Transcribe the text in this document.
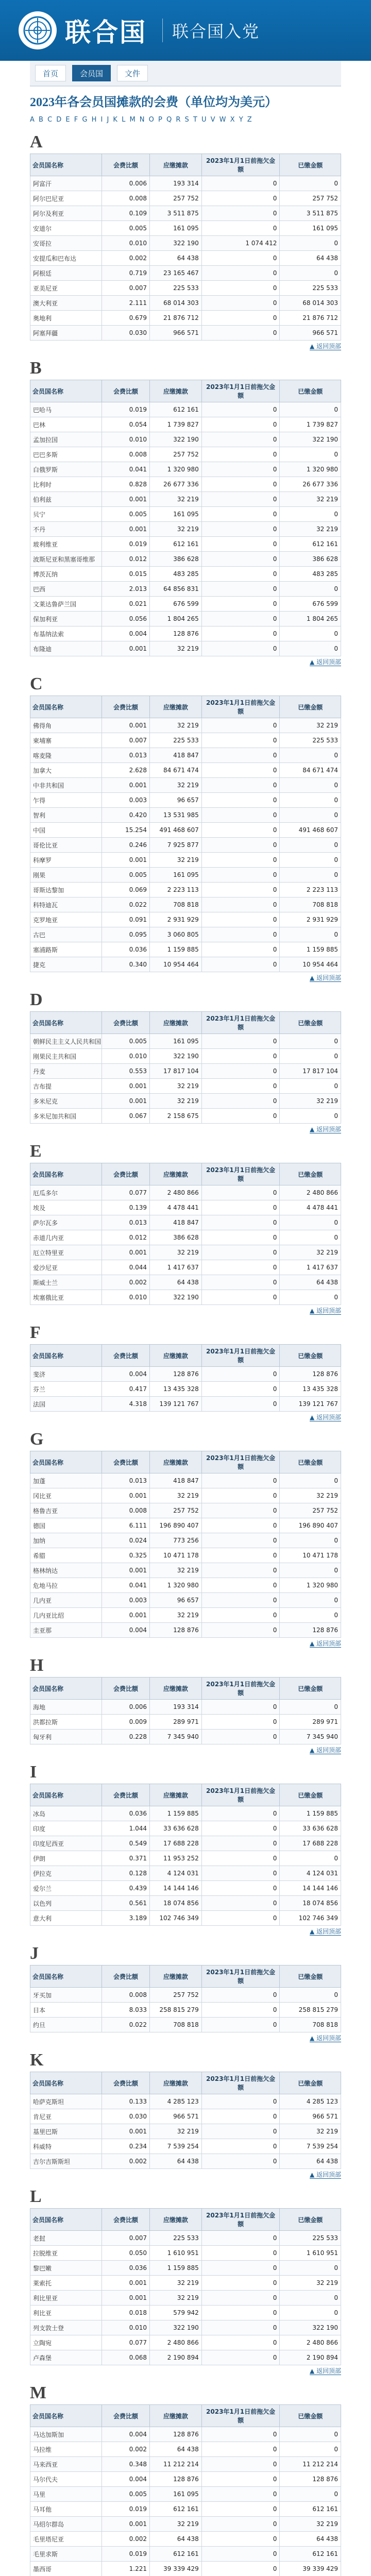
联合国 联合国入党
首页	会员国	文件
2023年各会员国摊款的会费（单位均为美元）
A B C D E F G H I J K L M N O P Q R S T U V W X Y Z
A
会员国名称	会费比额	应缴摊款	2023年1月1日前拖欠金额	已缴金额
阿富汗	0.006	193 314	0	0
阿尔巴尼亚	0.008	257 752	0	257 752
阿尔及利亚	0.109	3 511 875	0	3 511 875
安道尔	0.005	161 095	0	161 095
安哥拉	0.010	322 190	1 074 412	0
安提瓜和巴布达	0.002	64 438	0	64 438
阿根廷	0.719	23 165 467	0	0
亚美尼亚	0.007	225 533	0	225 533
澳大利亚	2.111	68 014 303	0	68 014 303
奥地利	0.679	21 876 712	0	21 876 712
阿塞拜疆	0.030	966 571	0	966 571
▲ 返回顶部
B
会员国名称	会费比额	应缴摊款	2023年1月1日前拖欠金额	已缴金额
巴哈马	0.019	612 161	0	0
巴林	0.054	1 739 827	0	1 739 827
孟加拉国	0.010	322 190	0	322 190
巴巴多斯	0.008	257 752	0	0
白俄罗斯	0.041	1 320 980	0	1 320 980
比利时	0.828	26 677 336	0	26 677 336
伯利兹	0.001	32 219	0	32 219
贝宁	0.005	161 095	0	0
不丹	0.001	32 219	0	32 219
玻利维亚	0.019	612 161	0	612 161
波斯尼亚和黑塞哥维那	0.012	386 628	0	386 628
博茨瓦纳	0.015	483 285	0	483 285
巴西	2.013	64 856 831	0	0
文莱达鲁萨兰国	0.021	676 599	0	676 599
保加利亚	0.056	1 804 265	0	1 804 265
布基纳法索	0.004	128 876	0	0
布隆迪	0.001	32 219	0	0
▲ 返回顶部
C
会员国名称	会费比额	应缴摊款	2023年1月1日前拖欠金额	已缴金额
佛得角	0.001	32 219	0	32 219
柬埔寨	0.007	225 533	0	225 533
喀麦隆	0.013	418 847	0	0
加拿大	2.628	84 671 474	0	84 671 474
中非共和国	0.001	32 219	0	0
乍得	0.003	96 657	0	0
智利	0.420	13 531 985	0	0
中国	15.254	491 468 607	0	491 468 607
哥伦比亚	0.246	7 925 877	0	0
科摩罗	0.001	32 219	0	0
刚果	0.005	161 095	0	0
哥斯达黎加	0.069	2 223 113	0	2 223 113
科特迪瓦	0.022	708 818	0	708 818
克罗地亚	0.091	2 931 929	0	2 931 929
古巴	0.095	3 060 805	0	0
塞浦路斯	0.036	1 159 885	0	1 159 885
捷克	0.340	10 954 464	0	10 954 464
▲ 返回顶部
D
会员国名称	会费比额	应缴摊款	2023年1月1日前拖欠金额	已缴金额
朝鲜民主主义人民共和国	0.005	161 095	0	0
刚果民主共和国	0.010	322 190	0	0
丹麦	0.553	17 817 104	0	17 817 104
吉布提	0.001	32 219	0	0
多米尼克	0.001	32 219	0	32 219
多米尼加共和国	0.067	2 158 675	0	0
▲ 返回顶部
E
会员国名称	会费比额	应缴摊款	2023年1月1日前拖欠金额	已缴金额
厄瓜多尔	0.077	2 480 866	0	2 480 866
埃及	0.139	4 478 441	0	4 478 441
萨尔瓦多	0.013	418 847	0	0
赤道几内亚	0.012	386 628	0	0
厄立特里亚	0.001	32 219	0	32 219
爱沙尼亚	0.044	1 417 637	0	1 417 637
斯威士兰	0.002	64 438	0	64 438
埃塞俄比亚	0.010	322 190	0	0
▲ 返回顶部
F
会员国名称	会费比额	应缴摊款	2023年1月1日前拖欠金额	已缴金额
斐济	0.004	128 876	0	128 876
芬兰	0.417	13 435 328	0	13 435 328
法国	4.318	139 121 767	0	139 121 767
▲ 返回顶部
G
会员国名称	会费比额	应缴摊款	2023年1月1日前拖欠金额	已缴金额
加蓬	0.013	418 847	0	0
冈比亚	0.001	32 219	0	32 219
格鲁吉亚	0.008	257 752	0	257 752
德国	6.111	196 890 407	0	196 890 407
加纳	0.024	773 256	0	0
希腊	0.325	10 471 178	0	10 471 178
格林纳达	0.001	32 219	0	0
危地马拉	0.041	1 320 980	0	1 320 980
几内亚	0.003	96 657	0	0
几内亚比绍	0.001	32 219	0	0
圭亚那	0.004	128 876	0	128 876
▲ 返回顶部
H
会员国名称	会费比额	应缴摊款	2023年1月1日前拖欠金额	已缴金额
海地	0.006	193 314	0	0
洪都拉斯	0.009	289 971	0	289 971
匈牙利	0.228	7 345 940	0	7 345 940
▲ 返回顶部
I
会员国名称	会费比额	应缴摊款	2023年1月1日前拖欠金额	已缴金额
冰岛	0.036	1 159 885	0	1 159 885
印度	1.044	33 636 628	0	33 636 628
印度尼西亚	0.549	17 688 228	0	17 688 228
伊朗	0.371	11 953 252	0	0
伊拉克	0.128	4 124 031	0	4 124 031
爱尔兰	0.439	14 144 146	0	14 144 146
以色列	0.561	18 074 856	0	18 074 856
意大利	3.189	102 746 349	0	102 746 349
▲ 返回顶部
J
会员国名称	会费比额	应缴摊款	2023年1月1日前拖欠金额	已缴金额
牙买加	0.008	257 752	0	0
日本	8.033	258 815 279	0	258 815 279
约旦	0.022	708 818	0	708 818
▲ 返回顶部
K
会员国名称	会费比额	应缴摊款	2023年1月1日前拖欠金额	已缴金额
哈萨克斯坦	0.133	4 285 123	0	4 285 123
肯尼亚	0.030	966 571	0	966 571
基里巴斯	0.001	32 219	0	32 219
科威特	0.234	7 539 254	0	7 539 254
吉尔吉斯斯坦	0.002	64 438	0	64 438
▲ 返回顶部
L
会员国名称	会费比额	应缴摊款	2023年1月1日前拖欠金额	已缴金额
老挝	0.007	225 533	0	225 533
拉脱维亚	0.050	1 610 951	0	1 610 951
黎巴嫩	0.036	1 159 885	0	0
莱索托	0.001	32 219	0	32 219
利比里亚	0.001	32 219	0	0
利比亚	0.018	579 942	0	0
列支敦士登	0.010	322 190	0	322 190
立陶宛	0.077	2 480 866	0	2 480 866
卢森堡	0.068	2 190 894	0	2 190 894
▲ 返回顶部
M
会员国名称	会费比额	应缴摊款	2023年1月1日前拖欠金额	已缴金额
马达加斯加	0.004	128 876	0	0
马拉维	0.002	64 438	0	0
马来西亚	0.348	11 212 214	0	11 212 214
马尔代夫	0.004	128 876	0	128 876
马里	0.005	161 095	0	0
马耳他	0.019	612 161	0	612 161
马绍尔群岛	0.001	32 219	0	32 219
毛里塔尼亚	0.002	64 438	0	64 438
毛里求斯	0.019	612 161	0	612 161
墨西哥	1.221	39 339 429	0	39 339 429
